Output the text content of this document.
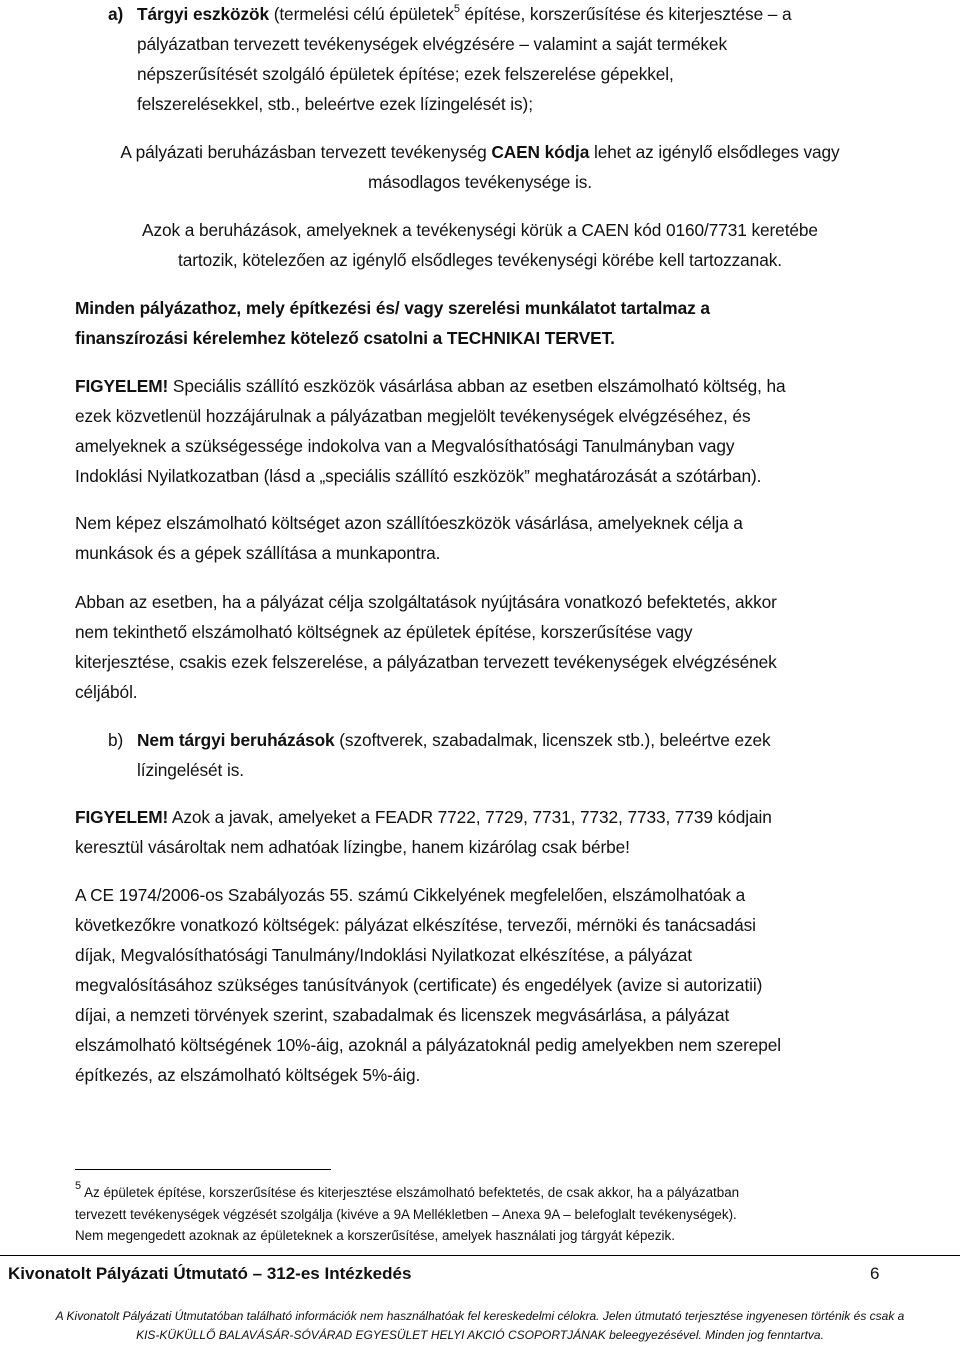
a) Tárgyi eszközök (termelési célú épületek$^5$ építése, korszerűsítése és kiterjesztése – a
pályázatban tervezett tevékenységek elvégzésére – valamint a saját termékek
népszerűsítését szolgáló épületek építése; ezek felszerelése gépekkel,
felszerelésekkel, stb., beleértve ezek lízingelését is);
A pályázati beruházásban tervezett tevékenység CAEN kódja lehet az igénylő elsődleges vagy
másodlagos tevékenysége is.
Azok a beruházások, amelyeknek a tevékenységi körük a CAEN kód 0160/7731 keretébe
tartozik, kötelezően az igénylő elsődleges tevékenységi körébe kell tartozzanak.
Minden pályázathoz, mely építkezési és/ vagy szerelési munkálatot tartalmaz a
finanszírozási kérelemhez kötelező csatolni a TECHNIKAI TERVET.
FIGYELEM! Speciális szállító eszközök vásárlása abban az esetben elszámolható költség, ha
ezek közvetlenül hozzájárulnak a pályázatban megjelölt tevékenységek elvégzéséhez, és
amelyeknek a szükségessége indokolva van a Megvalósíthatósági Tanulmányban vagy
Indoklási Nyilatkozatban (lásd a „speciális szállító eszközök” meghatározását a szótárban).
Nem képez elszámolható költséget azon szállítóeszközök vásárlása, amelyeknek célja a
munkások és a gépek szállítása a munkapontra.
Abban az esetben, ha a pályázat célja szolgáltatások nyújtására vonatkozó befektetés, akkor
nem tekinthető elszámolható költségnek az épületek építése, korszerűsítése vagy
kiterjesztése, csakis ezek felszerelése, a pályázatban tervezett tevékenységek elvégzésének
céljából.
b) Nem tárgyi beruházások (szoftverek, szabadalmak, licenszek stb.), beleértve ezek
lízingelését is.
FIGYELEM! Azok a javak, amelyeket a FEADR 7722, 7729, 7731, 7732, 7733, 7739 kódjain
keresztül vásároltak nem adhatóak lízingbe, hanem kizárólag csak bérbe!
A CE 1974/2006-os Szabályozás 55. számú Cikkelyének megfelelően, elszámolhatóak a
következőkre vonatkozó költségek: pályázat elkészítése, tervezői, mérnöki és tanácsadási
díjak, Megvalósíthatósági Tanulmány/Indoklási Nyilatkozat elkészítése, a pályázat
megvalósításához szükséges tanúsítványok (certificate) és engedélyek (avize si autorizatii)
díjai, a nemzeti törvények szerint, szabadalmak és licenszek megvásárlása, a pályázat
elszámolható költségének 10%-áig, azoknál a pályázatoknál pedig amelyekben nem szerepel
építkezés, az elszámolható költségek 5%-áig.
$^5$ Az épületek építése, korszerűsítése és kiterjesztése elszámolható befektetés, de csak akkor, ha a pályázatban
tervezett tevékenységek végzését szolgálja (kivéve a 9A Mellékletben – Anexa 9A – belefoglalt tevékenységek).
Nem megengedett azoknak az épületeknek a korszerűsítése, amelyek használati jog tárgyát képezik.
Kivonatolt Pályázati Útmutató – 312-es Intézkedés	6
A Kivonatolt Pályázati Útmutatóban található információk nem használhatóak fel kereskedelmi célokra. Jelen útmutató terjesztése ingyenesen történik és csak a
KIS-KÜKÜLLŐ BALAVÁSÁR-SÓVÁRAD EGYESÜLET HELYI AKCIÓ CSOPORTJÁNAK beleegyezésével. Minden jog fenntartva.
